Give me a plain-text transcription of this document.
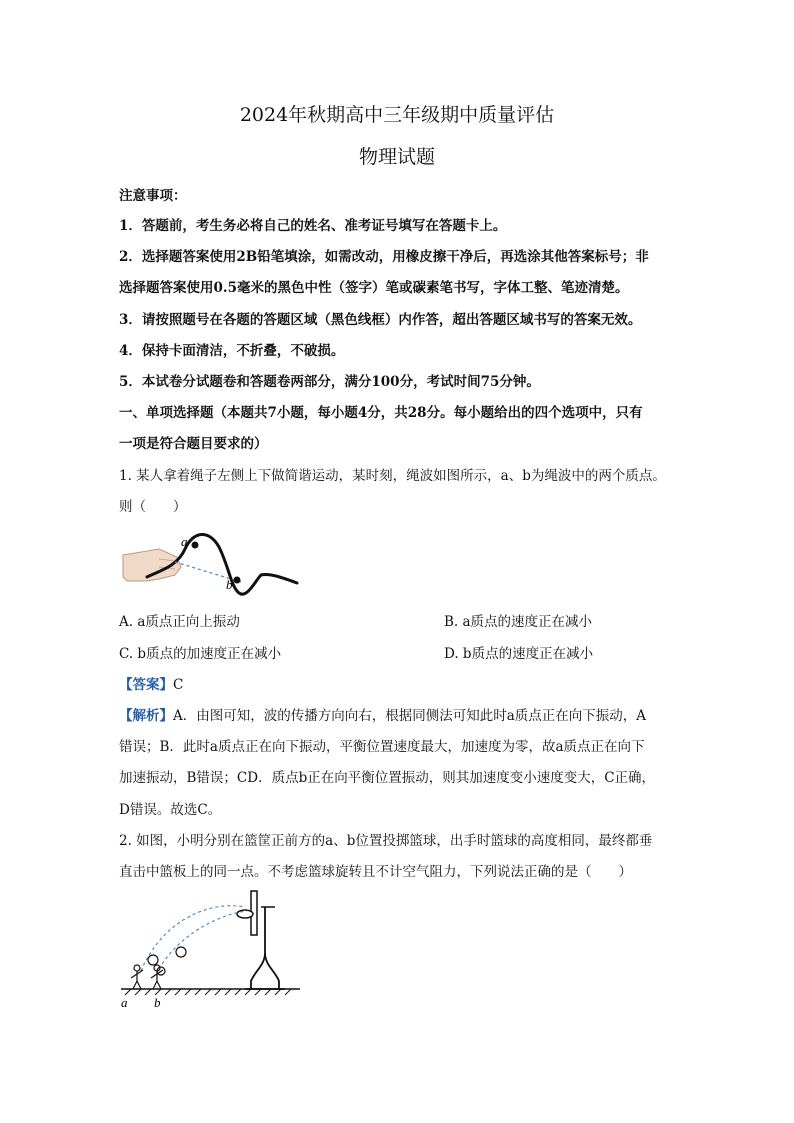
2024年秋期高中三年级期中质量评估
物理试题
注意事项：
1．答题前，考生务必将自己的姓名、准考证号填写在答题卡上。
2．选择题答案使用2B铅笔填涂，如需改动，用橡皮擦干净后，再选涂其他答案标号；非
选择题答案使用0.5毫米的黑色中性（签字）笔或碳素笔书写，字体工整、笔迹清楚。
3．请按照题号在各题的答题区域（黑色线框）内作答，超出答题区域书写的答案无效。
4．保持卡面清洁，不折叠，不破损。
5．本试卷分试题卷和答题卷两部分，满分100分，考试时间75分钟。
一、单项选择题（本题共7小题，每小题4分，共28分。每小题给出的四个选项中，只有
一项是符合题目要求的）
1. 某人拿着绳子左侧上下做简谐运动，某时刻，绳波如图所示，a、b为绳波中的两个质点。
则（　　）
a
b
A. a质点正向上振动	B. a质点的速度正在减小
C. b质点的加速度正在减小	D. b质点的速度正在减小
【答案】C
【解析】A．由图可知，波的传播方向向右，根据同侧法可知此时a质点正在向下振动，A
错误；B．此时a质点正在向下振动，平衡位置速度最大，加速度为零，故a质点正在向下
加速振动，B错误；CD．质点b正在向平衡位置振动，则其加速度变小速度变大，C正确，
D错误。故选C。
2. 如图，小明分别在篮筐正前方的a、b位置投掷篮球，出手时篮球的高度相同，最终都垂
直击中篮板上的同一点。不考虑篮球旋转且不计空气阻力，下列说法正确的是（　　）
a b
